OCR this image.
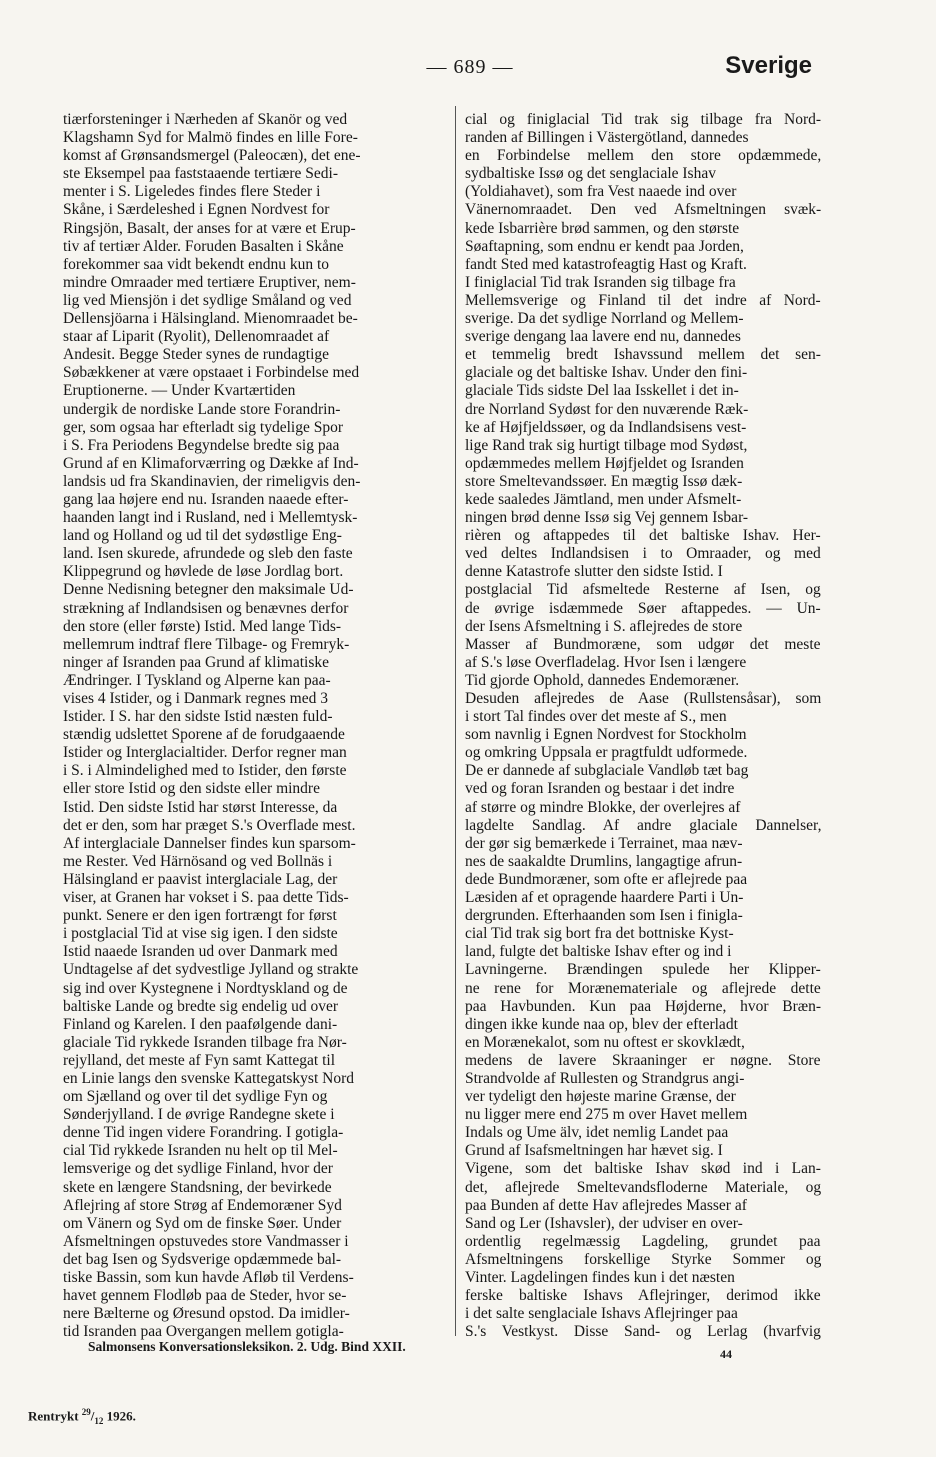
— 689 —	Sverige
tiærforsteninger i Nærheden af Skanör og ved
Klagshamn Syd for Malmö findes en lille Fore-
komst af Grønsandsmergel (Paleocæn), det ene-
ste Eksempel paa faststaaende tertiære Sedi-
menter i S. Ligeledes findes flere Steder i
Skåne, i Særdeleshed i Egnen Nordvest for
Ringsjön, Basalt, der anses for at være et Erup-
tiv af tertiær Alder. Foruden Basalten i Skåne
forekommer saa vidt bekendt endnu kun to
mindre Omraader med tertiære Eruptiver, nem-
lig ved Miensjön i det sydlige Småland og ved
Dellensjöarna i Hälsingland. Mienomraadet be-
staar af Liparit (Ryolit), Dellenomraadet af
Andesit. Begge Steder synes de rundagtige
Søbækkener at være opstaaet i Forbindelse med
Eruptionerne. — Under Kvartærtiden
undergik de nordiske Lande store Forandrin-
ger, som ogsaa har efterladt sig tydelige Spor
i S. Fra Periodens Begyndelse bredte sig paa
Grund af en Klimaforværring og Dække af Ind-
landsis ud fra Skandinavien, der rimeligvis den-
gang laa højere end nu. Isranden naaede efter-
haanden langt ind i Rusland, ned i Mellemtysk-
land og Holland og ud til det sydøstlige Eng-
land. Isen skurede, afrundede og sleb den faste
Klippegrund og høvlede de løse Jordlag bort.
Denne Nedisning betegner den maksimale Ud-
strækning af Indlandsisen og benævnes derfor
den store (eller første) Istid. Med lange Tids-
mellemrum indtraf flere Tilbage- og Fremryk-
ninger af Isranden paa Grund af klimatiske
Ændringer. I Tyskland og Alperne kan paa-
vises 4 Istider, og i Danmark regnes med 3
Istider. I S. har den sidste Istid næsten fuld-
stændig udslettet Sporene af de forudgaaende
Istider og Interglacialtider. Derfor regner man
i S. i Almindelighed med to Istider, den første
eller store Istid og den sidste eller mindre
Istid. Den sidste Istid har størst Interesse, da
det er den, som har præget S.'s Overflade mest.
Af interglaciale Dannelser findes kun sparsom-
me Rester. Ved Härnösand og ved Bollnäs i
Hälsingland er paavist interglaciale Lag, der
viser, at Granen har vokset i S. paa dette Tids-
punkt. Senere er den igen fortrængt for først
i postglacial Tid at vise sig igen. I den sidste
Istid naaede Isranden ud over Danmark med
Undtagelse af det sydvestlige Jylland og strakte
sig ind over Kystegnene i Nordtyskland og de
baltiske Lande og bredte sig endelig ud over
Finland og Karelen. I den paafølgende dani-
glaciale Tid rykkede Isranden tilbage fra Nør-
rejylland, det meste af Fyn samt Kattegat til
en Linie langs den svenske Kattegatskyst Nord
om Sjælland og over til det sydlige Fyn og
Sønderjylland. I de øvrige Randegne skete i
denne Tid ingen videre Forandring. I gotigla-
cial Tid rykkede Isranden nu helt op til Mel-
lemsverige og det sydlige Finland, hvor der
skete en længere Standsning, der bevirkede
Aflejring af store Strøg af Endemoræner Syd
om Vänern og Syd om de finske Søer. Under
Afsmeltningen opstuvedes store Vandmasser i
det bag Isen og Sydsverige opdæmmede bal-
tiske Bassin, som kun havde Afløb til Verdens-
havet gennem Flodløb paa de Steder, hvor se-
nere Bælterne og Øresund opstod. Da imidler-
tid Isranden paa Overgangen mellem gotigla-
cial og finiglacial Tid trak sig tilbage fra Nord-
randen af Billingen i Västergötland, dannedes
en Forbindelse mellem den store opdæmmede,
sydbaltiske Issø og det senglaciale Ishav
(Yoldiahavet), som fra Vest naaede ind over
Vänernomraadet. Den ved Afsmeltningen svæk-
kede Isbarrière brød sammen, og den største
Søaftapning, som endnu er kendt paa Jorden,
fandt Sted med katastrofeagtig Hast og Kraft.
I finiglacial Tid trak Isranden sig tilbage fra
Mellemsverige og Finland til det indre af Nord-
sverige. Da det sydlige Norrland og Mellem-
sverige dengang laa lavere end nu, dannedes
et temmelig bredt Ishavssund mellem det sen-
glaciale og det baltiske Ishav. Under den fini-
glaciale Tids sidste Del laa Isskellet i det in-
dre Norrland Sydøst for den nuværende Ræk-
ke af Højfjeldssøer, og da Indlandsisens vest-
lige Rand trak sig hurtigt tilbage mod Sydøst,
opdæmmedes mellem Højfjeldet og Isranden
store Smeltevandssøer. En mægtig Issø dæk-
kede saaledes Jämtland, men under Afsmelt-
ningen brød denne Issø sig Vej gennem Isbar-
rièren og aftappedes til det baltiske Ishav. Her-
ved deltes Indlandsisen i to Omraader, og med
denne Katastrofe slutter den sidste Istid. I
postglacial Tid afsmeltede Resterne af Isen, og
de øvrige isdæmmede Søer aftappedes. — Un-
der Isens Afsmeltning i S. aflejredes de store
Masser af Bundmoræne, som udgør det meste
af S.'s løse Overfladelag. Hvor Isen i længere
Tid gjorde Ophold, dannedes Endemoræner.
Desuden aflejredes de Aase (Rullstensåsar), som
i stort Tal findes over det meste af S., men
som navnlig i Egnen Nordvest for Stockholm
og omkring Uppsala er pragtfuldt udformede.
De er dannede af subglaciale Vandløb tæt bag
ved og foran Isranden og bestaar i det indre
af større og mindre Blokke, der overlejres af
lagdelte Sandlag. Af andre glaciale Dannelser,
der gør sig bemærkede i Terrainet, maa næv-
nes de saakaldte Drumlins, langagtige afrun-
dede Bundmoræner, som ofte er aflejrede paa
Læsiden af et opragende haardere Parti i Un-
dergrunden. Efterhaanden som Isen i finigla-
cial Tid trak sig bort fra det bottniske Kyst-
land, fulgte det baltiske Ishav efter og ind i
Lavningerne. Brændingen spulede her Klipper-
ne rene for Morænemateriale og aflejrede dette
paa Havbunden. Kun paa Højderne, hvor Bræn-
dingen ikke kunde naa op, blev der efterladt
en Morænekalot, som nu oftest er skovklædt,
medens de lavere Skraaninger er nøgne. Store
Strandvolde af Rullesten og Strandgrus angi-
ver tydeligt den højeste marine Grænse, der
nu ligger mere end 275 m over Havet mellem
Indals og Ume älv, idet nemlig Landet paa
Grund af Isafsmeltningen har hævet sig. I
Vigene, som det baltiske Ishav skød ind i Lan-
det, aflejrede Smeltevandsfloderne Materiale, og
paa Bunden af dette Hav aflejredes Masser af
Sand og Ler (Ishavsler), der udviser en over-
ordentlig regelmæssig Lagdeling, grundet paa
Afsmeltningens forskellige Styrke Sommer og
Vinter. Lagdelingen findes kun i det næsten
ferske baltiske Ishavs Aflejringer, derimod ikke
i det salte senglaciale Ishavs Aflejringer paa
S.'s Vestkyst. Disse Sand- og Lerlag (hvarfvig
Salmonsens Konversationsleksikon. 2. Udg. Bind XXII.	44
Rentrykt $^{29}/_{12}$ 1926.
